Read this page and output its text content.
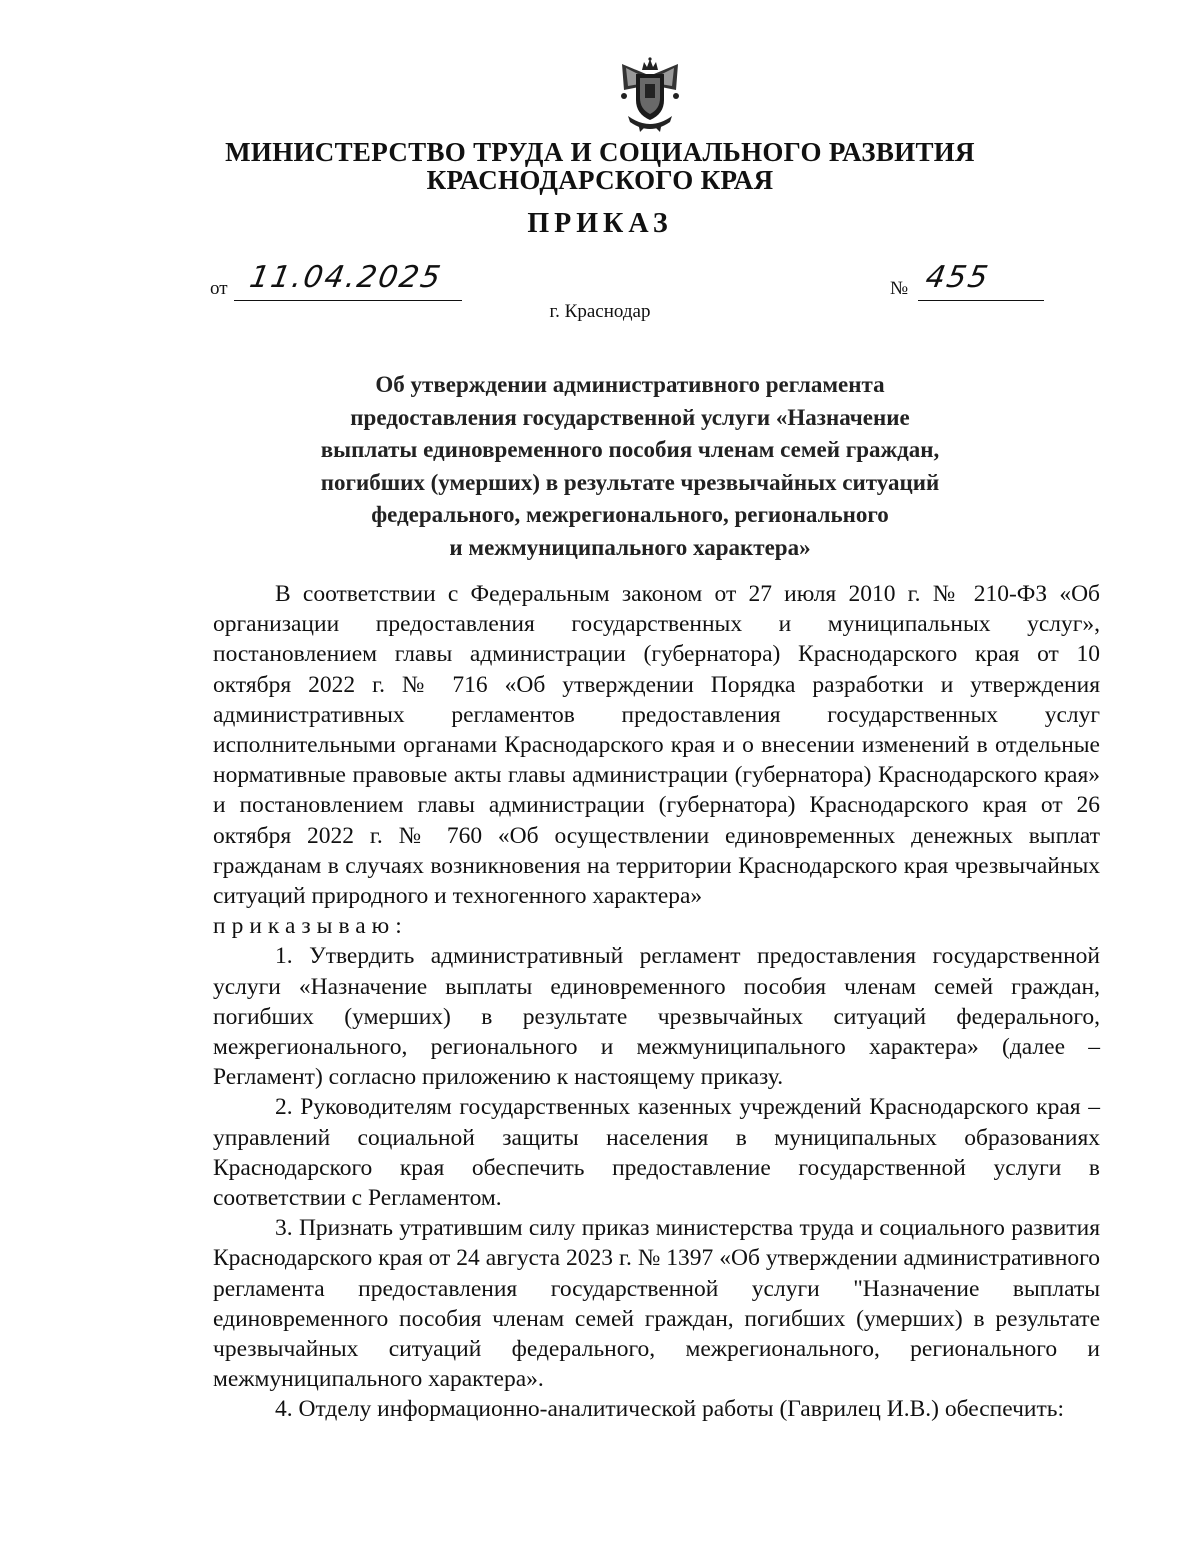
МИНИСТЕРСТВО ТРУДА И СОЦИАЛЬНОГО РАЗВИТИЯ
КРАСНОДАРСКОГО КРАЯ
ПРИКАЗ
от 11.04.2025	№ 455
г. Краснодар
Об утверждении административного регламента
предоставления государственной услуги «Назначение
выплаты единовременного пособия членам семей граждан,
погибших (умерших) в результате чрезвычайных ситуаций
федерального, межрегионального, регионального
и межмуниципального характера»

В соответствии с Федеральным законом от 27 июля 2010 г. № 210-ФЗ «Об организации предоставления государственных и муниципальных услуг», постановлением главы администрации (губернатора) Краснодарского края от 10 октября 2022 г. № 716 «Об утверждении Порядка разработки и утверждения административных регламентов предоставления государственных услуг исполнительными органами Краснодарского края и о внесении изменений в отдельные нормативные правовые акты главы администрации (губернатора) Краснодарского края» и постановлением главы администрации (губернатора) Краснодарского края от 26 октября 2022 г. № 760 «Об осуществлении единовременных денежных выплат гражданам в случаях возникновения на территории Краснодарского края чрезвычайных ситуаций природного и техногенного характера»

приказываю:

1. Утвердить административный регламент предоставления государственной услуги «Назначение выплаты единовременного пособия членам семей граждан, погибших (умерших) в результате чрезвычайных ситуаций федерального, межрегионального, регионального и межмуниципального характера» (далее – Регламент) согласно приложению к настоящему приказу.

2. Руководителям государственных казенных учреждений Краснодарского края – управлений социальной защиты населения в муниципальных образованиях Краснодарского края обеспечить предоставление государственной услуги в соответствии с Регламентом.

3. Признать утратившим силу приказ министерства труда и социального развития Краснодарского края от 24 августа 2023 г. № 1397 «Об утверждении административного регламента предоставления государственной услуги "Назначение выплаты единовременного пособия членам семей граждан, погибших (умерших) в результате чрезвычайных ситуаций федерального, межрегионального, регионального и межмуниципального характера».

4. Отделу информационно-аналитической работы (Гаврилец И.В.) обеспечить:
